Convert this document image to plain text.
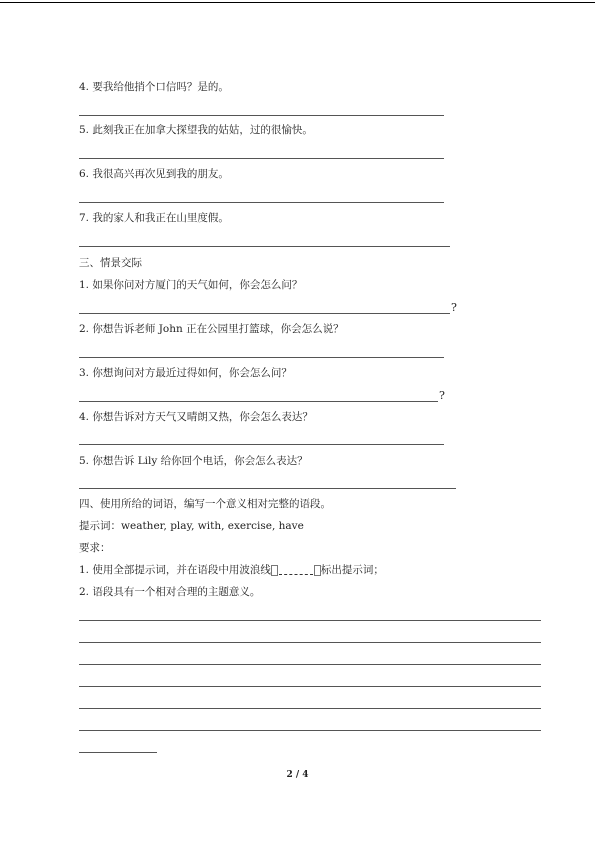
4. 要我给他捎个口信吗？是的。
5. 此刻我正在加拿大探望我的姑姑，过的很愉快。
6. 我很高兴再次见到我的朋友。
7. 我的家人和我正在山里度假。
三、情景交际
1. 如果你问对方厦门的天气如何，你会怎么问？
?
2. 你想告诉老师 John 正在公园里打篮球，你会怎么说？
3. 你想询问对方最近过得如何，你会怎么问？
?
4. 你想告诉对方天气又晴朗又热，你会怎么表达？
5. 你想告诉 Lily 给你回个电话，你会怎么表达？
四、使用所给的词语，编写一个意义相对完整的语段。
提示词：weather, play, with, exercise, have
要求：
1. 使用全部提示词，并在语段中用波浪线	标出提示词；
2. 语段具有一个相对合理的主题意义。
2 / 4
